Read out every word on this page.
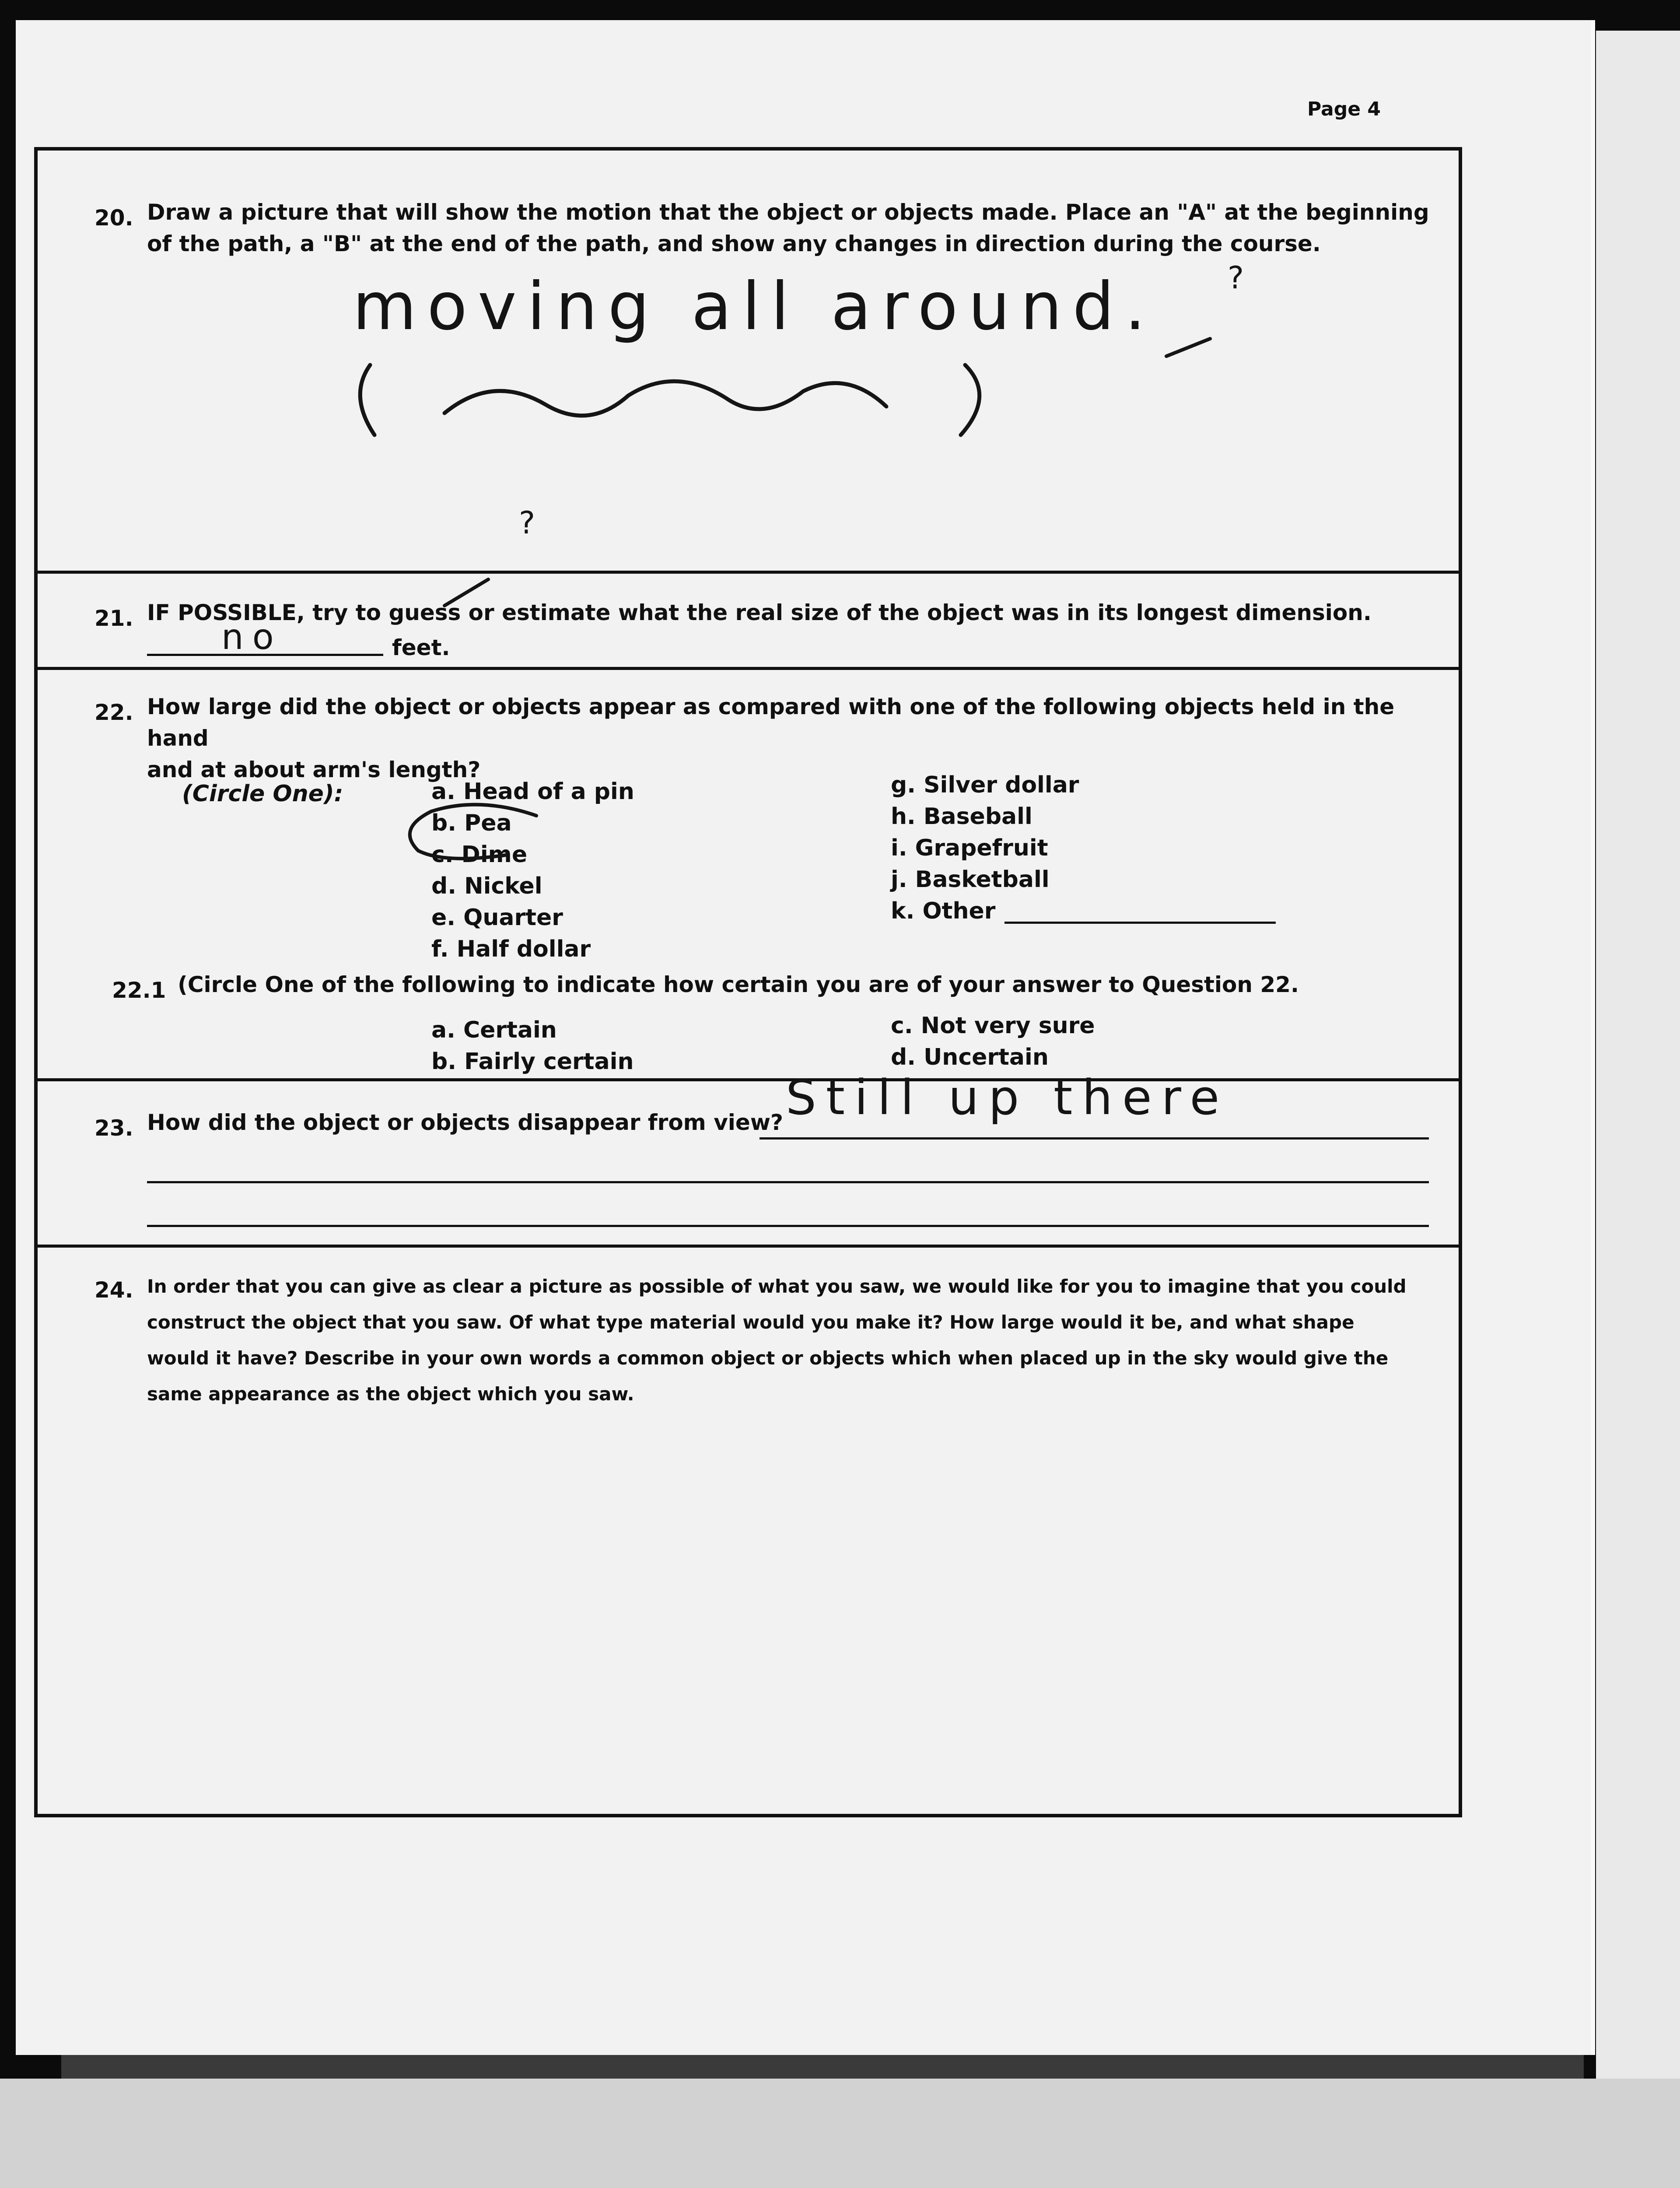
Page 4
20. Draw a picture that will show the motion that the object or objects made. Place an "A" at the beginning
of the path, a "B" at the end of the path, and show any changes in direction during the course.
moving all around. ?
?
21. IF POSSIBLE, try to guess or estimate what the real size of the object was in its longest dimension.
no	feet.
22. How large did the object or objects appear as compared with one of the following objects held in the hand
and at about arm's length?
(Circle One):	a. Head of a pin
b. Pea
c. Dime
d. Nickel
e. Quarter
f. Half dollar
g. Silver dollar
h. Baseball
i. Grapefruit
j. Basketball
k. Other
22.1 (Circle One of the following to indicate how certain you are of your answer to Question 22.
a. Certain
b. Fairly certain
c. Not very sure
d. Uncertain
23. How did the object or objects disappear from view? Still up there
24. In order that you can give as clear a picture as possible of what you saw, we would like for you to imagine that you could
construct the object that you saw. Of what type material would you make it? How large would it be, and what shape
would it have? Describe in your own words a common object or objects which when placed up in the sky would give the
same appearance as the object which you saw.
